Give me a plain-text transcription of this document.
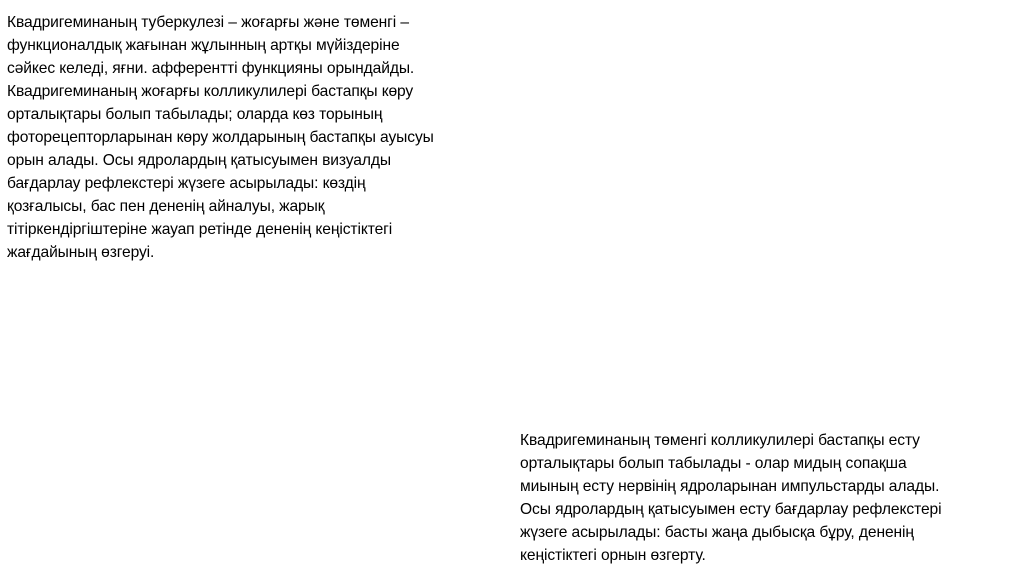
Квадригеминаның туберкулезі – жоғарғы және төменгі –
функционалдық жағынан жұлынның артқы мүйіздеріне
сәйкес келеді, яғни. афферентті функцияны орындайды.
Квадригеминаның жоғарғы колликулилері бастапқы көру
орталықтары болып табылады; оларда көз торының
фоторецепторларынан көру жолдарының бастапқы ауысуы
орын алады. Осы ядролардың қатысуымен визуалды
бағдарлау рефлекстері жүзеге асырылады: көздің
қозғалысы, бас пен дененің айналуы, жарық
тітіркендіргіштеріне жауап ретінде дененің кеңістіктегі
жағдайының өзгеруі.
Квадригеминаның төменгі колликулилері бастапқы есту
орталықтары болып табылады - олар мидың сопақша
миының есту нервінің ядроларынан импульстарды алады.
Осы ядролардың қатысуымен есту бағдарлау рефлекстері
жүзеге асырылады: басты жаңа дыбысқа бұру, дененің
кеңістіктегі орнын өзгерту.
